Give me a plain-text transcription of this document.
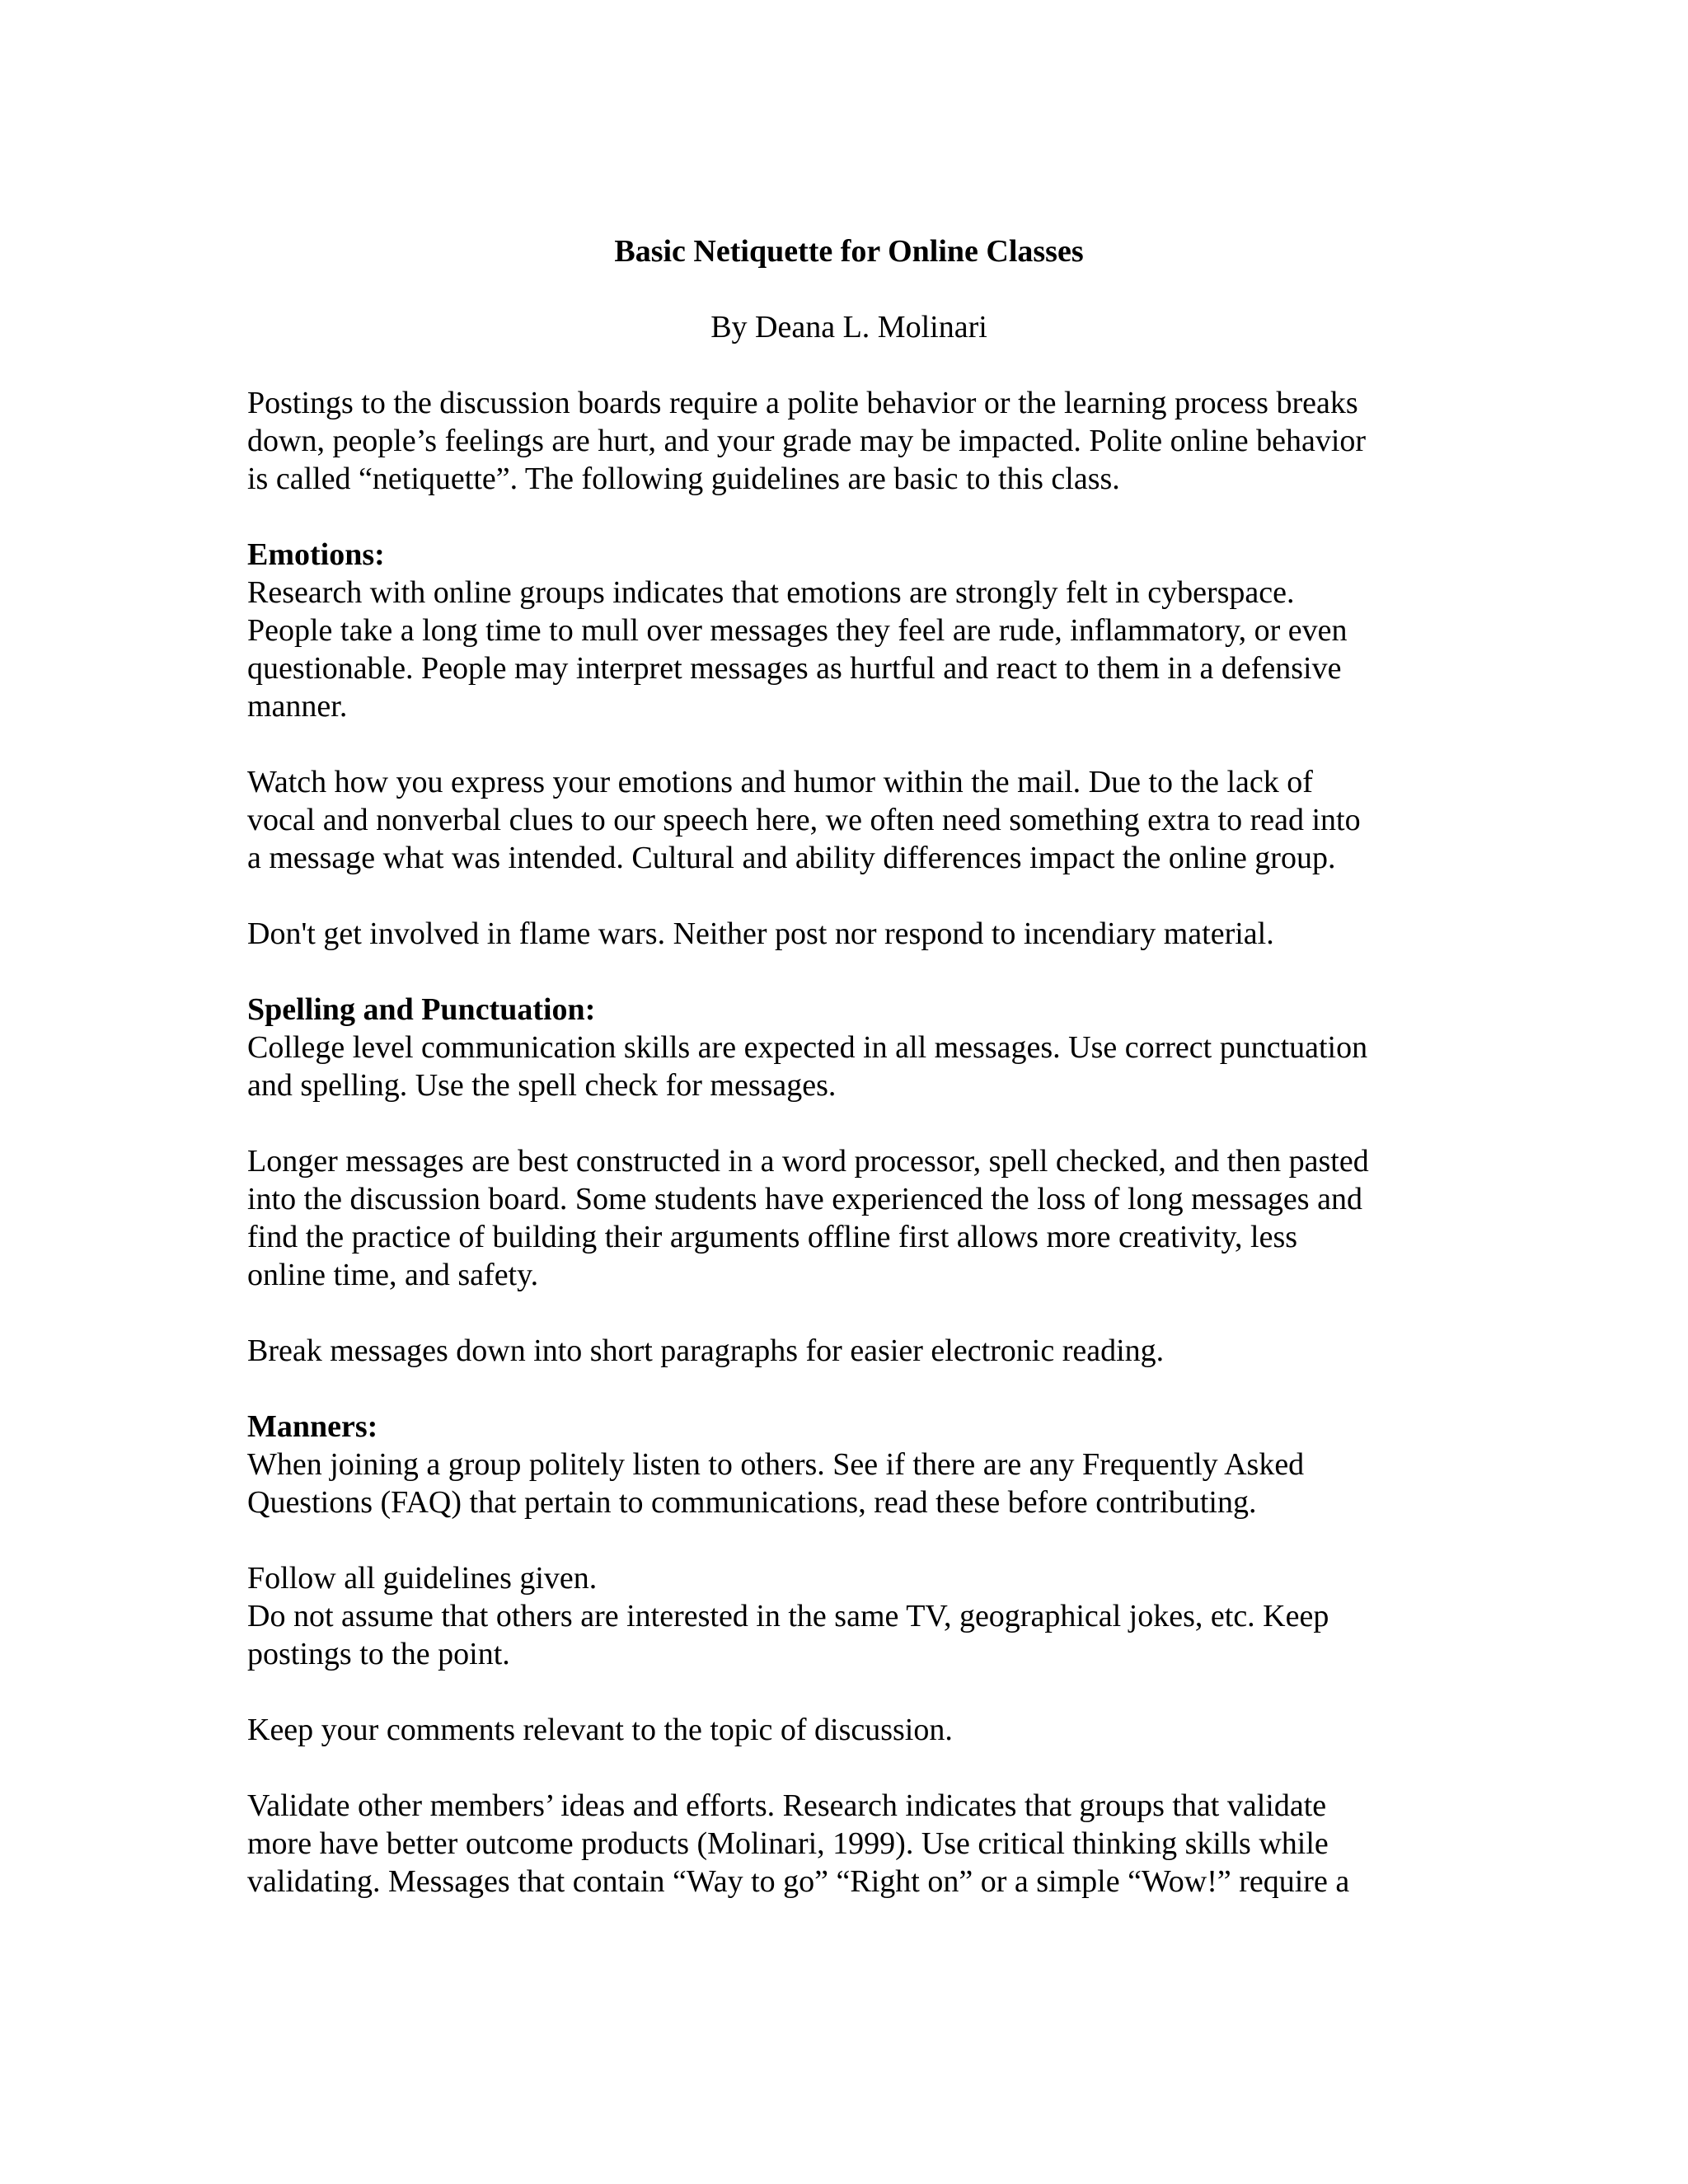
Basic Netiquette for Online Classes
By Deana L. Molinari
Postings to the discussion boards require a polite behavior or the learning process breaks
down, people’s feelings are hurt, and your grade may be impacted. Polite online behavior
is called “netiquette”. The following guidelines are basic to this class.
Emotions:
Research with online groups indicates that emotions are strongly felt in cyberspace.
People take a long time to mull over messages they feel are rude, inflammatory, or even
questionable. People may interpret messages as hurtful and react to them in a defensive
manner.
Watch how you express your emotions and humor within the mail. Due to the lack of
vocal and nonverbal clues to our speech here, we often need something extra to read into
a message what was intended. Cultural and ability differences impact the online group.
Don't get involved in flame wars. Neither post nor respond to incendiary material.
Spelling and Punctuation:
College level communication skills are expected in all messages. Use correct punctuation
and spelling. Use the spell check for messages.
Longer messages are best constructed in a word processor, spell checked, and then pasted
into the discussion board. Some students have experienced the loss of long messages and
find the practice of building their arguments offline first allows more creativity, less
online time, and safety.
Break messages down into short paragraphs for easier electronic reading.
Manners:
When joining a group politely listen to others. See if there are any Frequently Asked
Questions (FAQ) that pertain to communications, read these before contributing.
Follow all guidelines given.
Do not assume that others are interested in the same TV, geographical jokes, etc. Keep
postings to the point.
Keep your comments relevant to the topic of discussion.
Validate other members’ ideas and efforts. Research indicates that groups that validate
more have better outcome products (Molinari, 1999). Use critical thinking skills while
validating. Messages that contain “Way to go” “Right on” or a simple “Wow!” require a
